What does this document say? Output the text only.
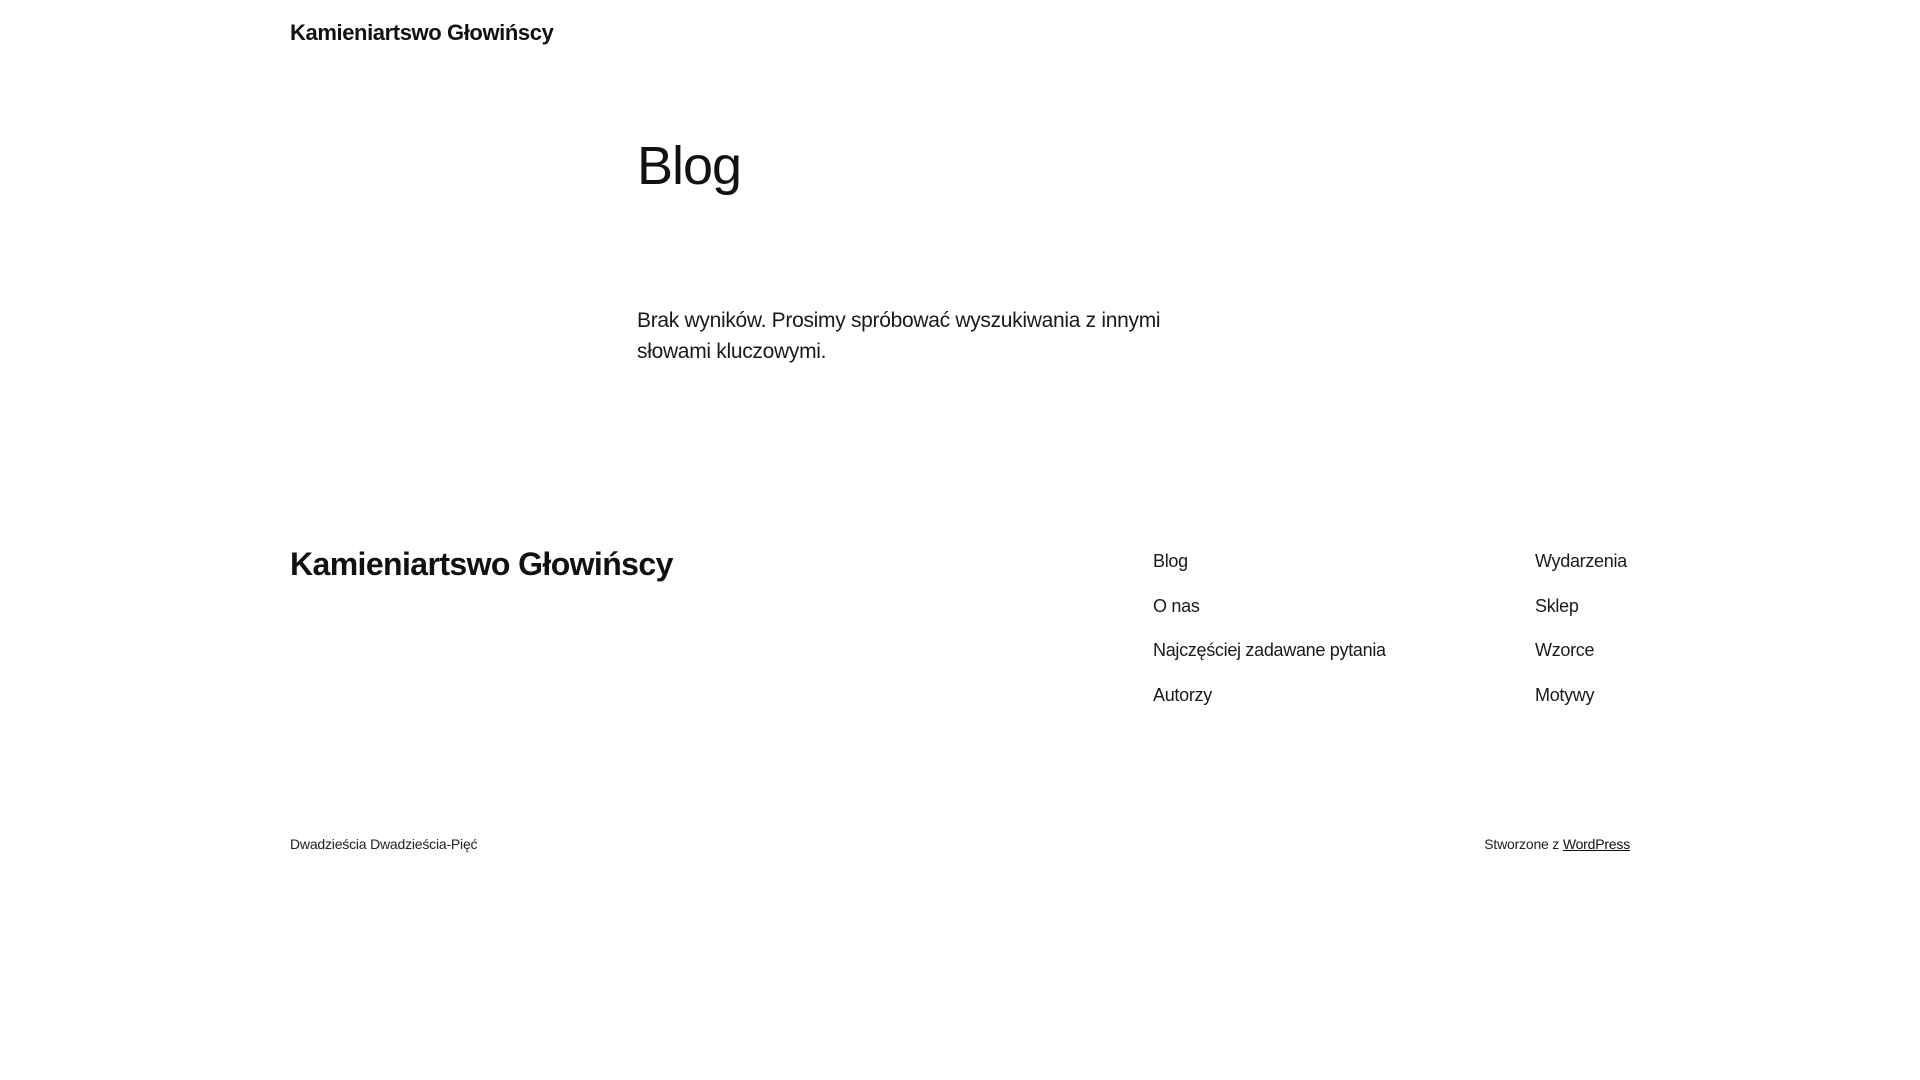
Kamieniartswo Głowińscy
Blog

Brak wyników. Prosimy spróbować wyszukiwania z innymi słowami kluczowymi.

Kamieniartswo Głowińscy	Blog
O nas
Najczęściej zadawane pytania
Autorzy
Wydarzenia
Sklep
Wzorce
Motywy
Dwadzieścia Dwadzieścia-Pięć	Stworzone z WordPress
